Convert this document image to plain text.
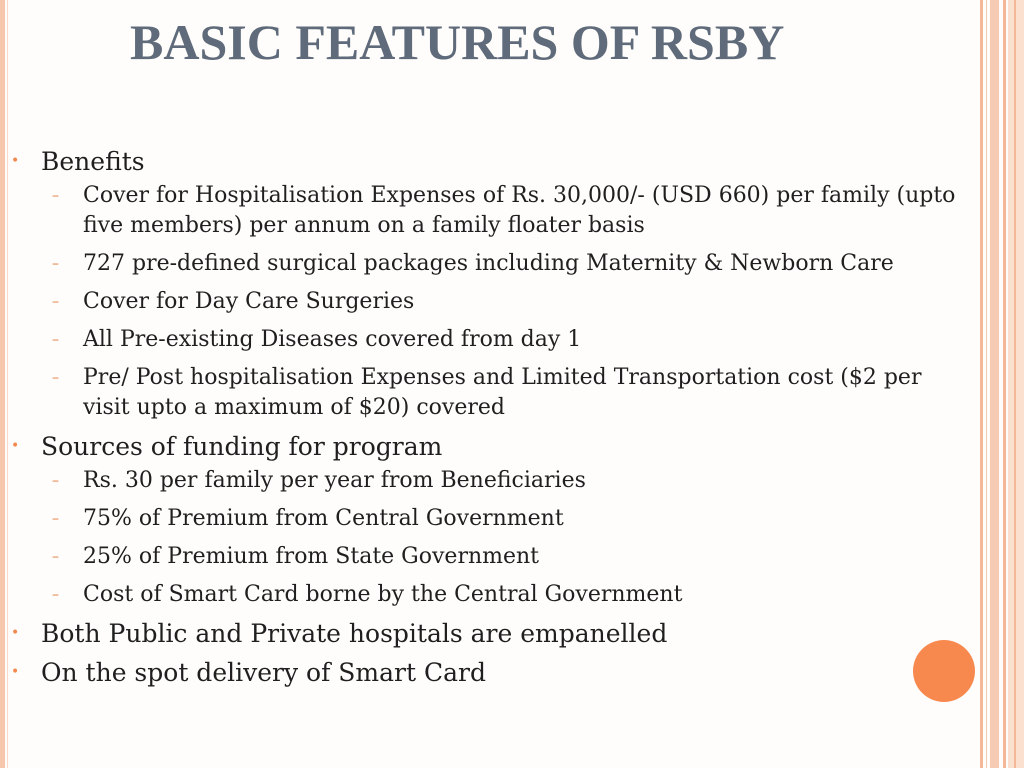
BASIC FEATURES OF RSBY
• Benefits
– Cover for Hospitalisation Expenses of Rs. 30,000/- (USD 660) per family (upto five members) per annum on a family floater basis
– 727 pre-defined surgical packages including Maternity & Newborn Care
– Cover for Day Care Surgeries
– All Pre-existing Diseases covered from day 1
– Pre/ Post hospitalisation Expenses and Limited Transportation cost ($2 per visit upto a maximum of $20) covered
• Sources of funding for program
– Rs. 30 per family per year from Beneficiaries
– 75% of Premium from Central Government
– 25% of Premium from State Government
– Cost of Smart Card borne by the Central Government
• Both Public and Private hospitals are empanelled
• On the spot delivery of Smart Card
